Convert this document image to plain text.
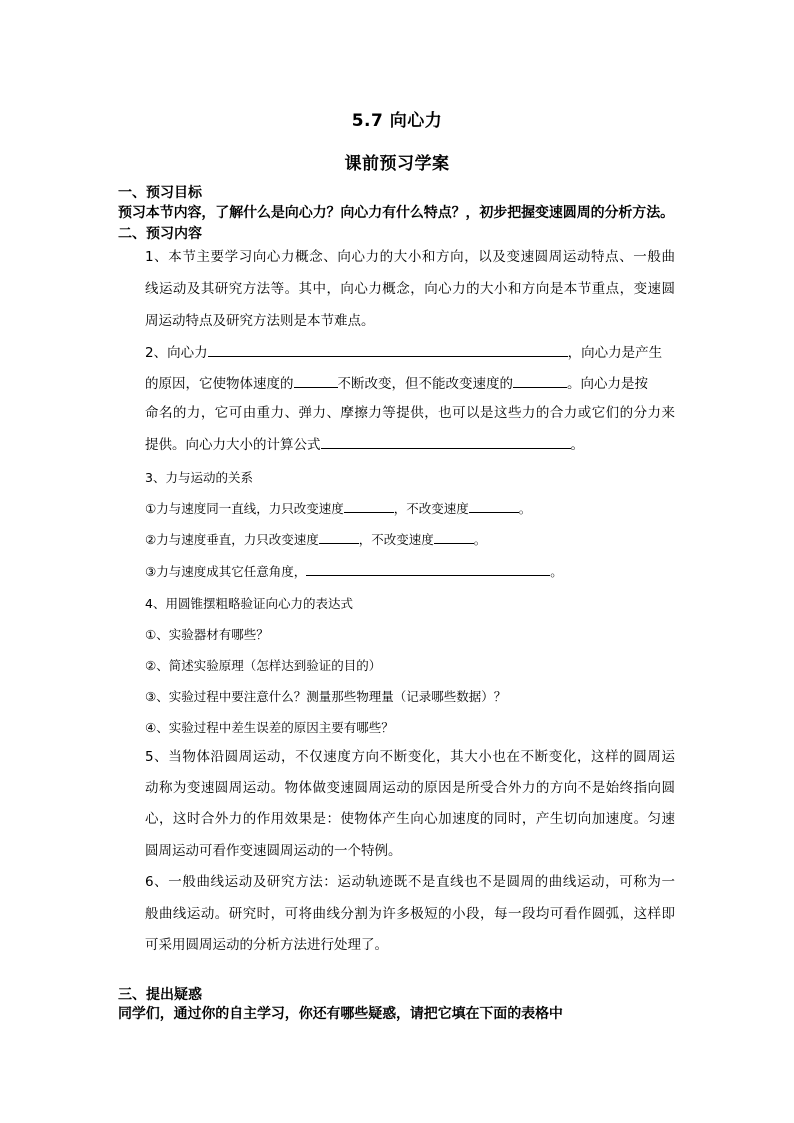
5.7 向心力
课前预习学案
一、预习目标
预习本节内容，了解什么是向心力？向心力有什么特点？，初步把握变速圆周的分析方法。
二、预习内容
1、本节主要学习向心力概念、向心力的大小和方向，以及变速圆周运动特点、一般曲
线运动及其研究方法等。其中，向心力概念，向心力的大小和方向是本节重点，变速圆
周运动特点及研究方法则是本节难点。
2、向心力	，向心力是产生
的原因，它使物体速度的	不断改变，但不能改变速度的	。向心力是按
命名的力，它可由重力、弹力、摩擦力等提供，也可以是这些力的合力或它们的分力来
提供。向心力大小的计算公式	。
3、力与运动的关系
①力与速度同一直线，力只改变速度	，不改变速度	。
②力与速度垂直，力只改变速度	，不改变速度	。
③力与速度成其它任意角度，	。
4、用圆锥摆粗略验证向心力的表达式
①、实验器材有哪些？
②、简述实验原理（怎样达到验证的目的）
③、实验过程中要注意什么？测量那些物理量（记录哪些数据）？
④、实验过程中差生误差的原因主要有哪些？
5、当物体沿圆周运动，不仅速度方向不断变化，其大小也在不断变化，这样的圆周运
动称为变速圆周运动。物体做变速圆周运动的原因是所受合外力的方向不是始终指向圆
心，这时合外力的作用效果是：使物体产生向心加速度的同时，产生切向加速度。匀速
圆周运动可看作变速圆周运动的一个特例。
6、一般曲线运动及研究方法：运动轨迹既不是直线也不是圆周的曲线运动，可称为一
般曲线运动。研究时，可将曲线分割为许多极短的小段，每一段均可看作圆弧，这样即
可采用圆周运动的分析方法进行处理了。
三、提出疑惑
同学们，通过你的自主学习，你还有哪些疑惑，请把它填在下面的表格中
